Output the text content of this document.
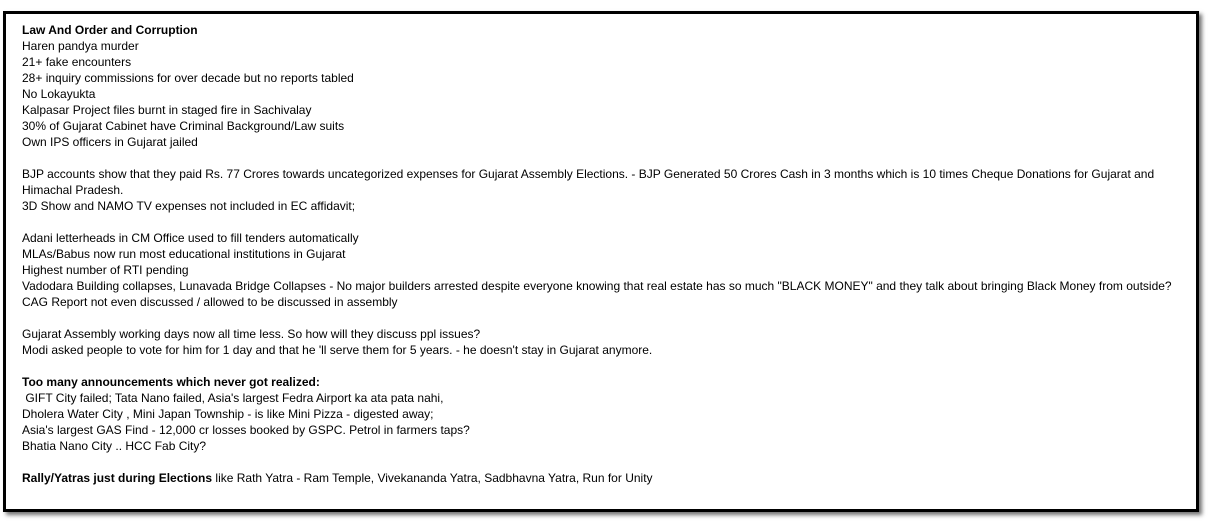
Law And Order and Corruption
Haren pandya murder
21+ fake encounters
28+ inquiry commissions for over decade but no reports tabled
No Lokayukta
Kalpasar Project files burnt in staged fire in Sachivalay
30% of Gujarat Cabinet have Criminal Background/Law suits
Own IPS officers in Gujarat jailed
BJP accounts show that they paid Rs. 77 Crores towards uncategorized expenses for Gujarat Assembly Elections. - BJP Generated 50 Crores Cash in 3 months which is 10 times Cheque Donations for Gujarat and Himachal Pradesh.
3D Show and NAMO TV expenses not included in EC affidavit;
Adani letterheads in CM Office used to fill tenders automatically
MLAs/Babus now run most educational institutions in Gujarat
Highest number of RTI pending
Vadodara Building collapses, Lunavada Bridge Collapses - No major builders arrested despite everyone knowing that real estate has so much "BLACK MONEY" and they talk about bringing Black Money from outside?
CAG Report not even discussed / allowed to be discussed in assembly
Gujarat Assembly working days now all time less. So how will they discuss ppl issues?
Modi asked people to vote for him for 1 day and that he 'll serve them for 5 years. - he doesn't stay in Gujarat anymore.
Too many announcements which never got realized:
GIFT City failed; Tata Nano failed, Asia's largest Fedra Airport ka ata pata nahi,
Dholera Water City , Mini Japan Township - is like Mini Pizza - digested away;
Asia's largest GAS Find - 12,000 cr losses booked by GSPC. Petrol in farmers taps?
Bhatia Nano City .. HCC Fab City?
Rally/Yatras just during Elections like Rath Yatra - Ram Temple, Vivekananda Yatra, Sadbhavna Yatra, Run for Unity
